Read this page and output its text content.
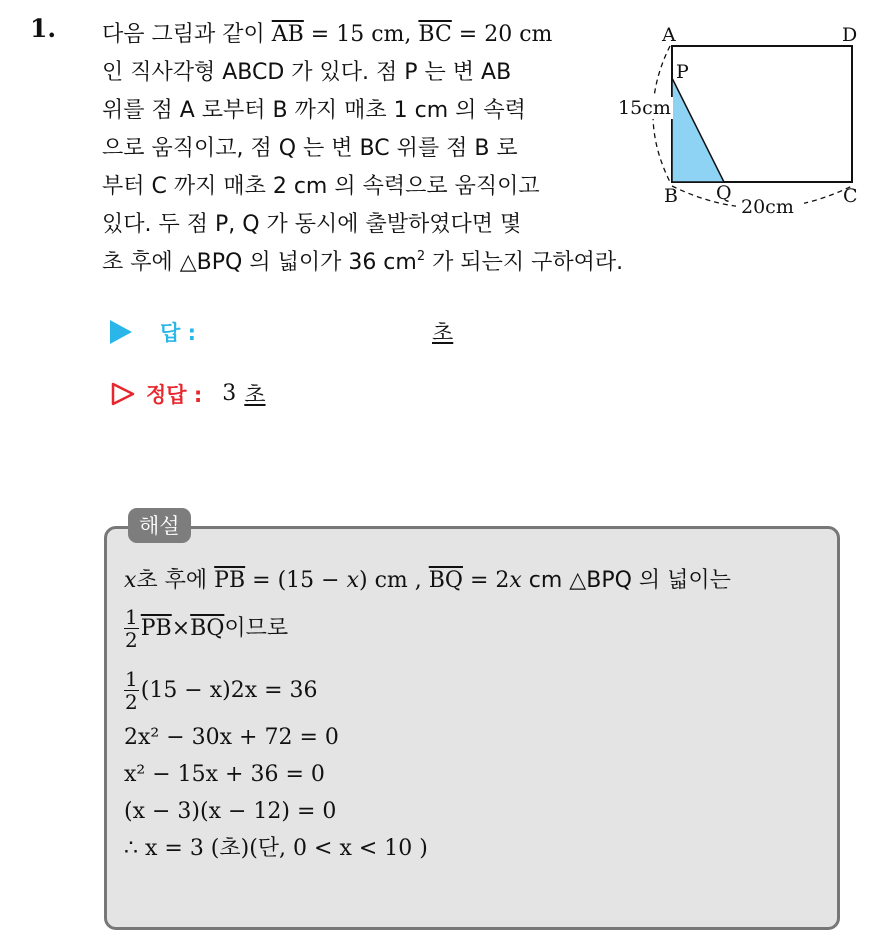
1. 다음 그림과 같이 $\overline{AB} = 15$ cm, $\overline{BC} = 20$ cm
인 직사각형 ABCD 가 있다. 점 P 는 변 AB
위를 점 A 로부터 B 까지 매초 1 cm 의 속력
으로 움직이고, 점 Q 는 변 BC 위를 점 B 로
부터 C 까지 매초 2 cm 의 속력으로 움직이고
있다. 두 점 P, Q 가 동시에 출발하였다면 몇
초 후에 △BPQ 의 넓이가 36 $cm^2$ 가 되는지 구하여라.
A	D
P
B Q	C
15cm
20cm
답 :	초
정답 : 3 초
해설
x초 후에 $\overline{PB} = (15 - x)$ cm , $\overline{BQ} = 2x$ cm △BPQ 의 넓이는
$\frac{1}{2} \overline{PB} \times \overline{BQ}$ 이므로
$\frac{1}{2} (15 - x)2x = 36$
2x² − 30x + 72 = 0
x² − 15x + 36 = 0
(x − 3)(x − 12) = 0
∴ x = 3 (초)(단, 0 < x < 10 )
